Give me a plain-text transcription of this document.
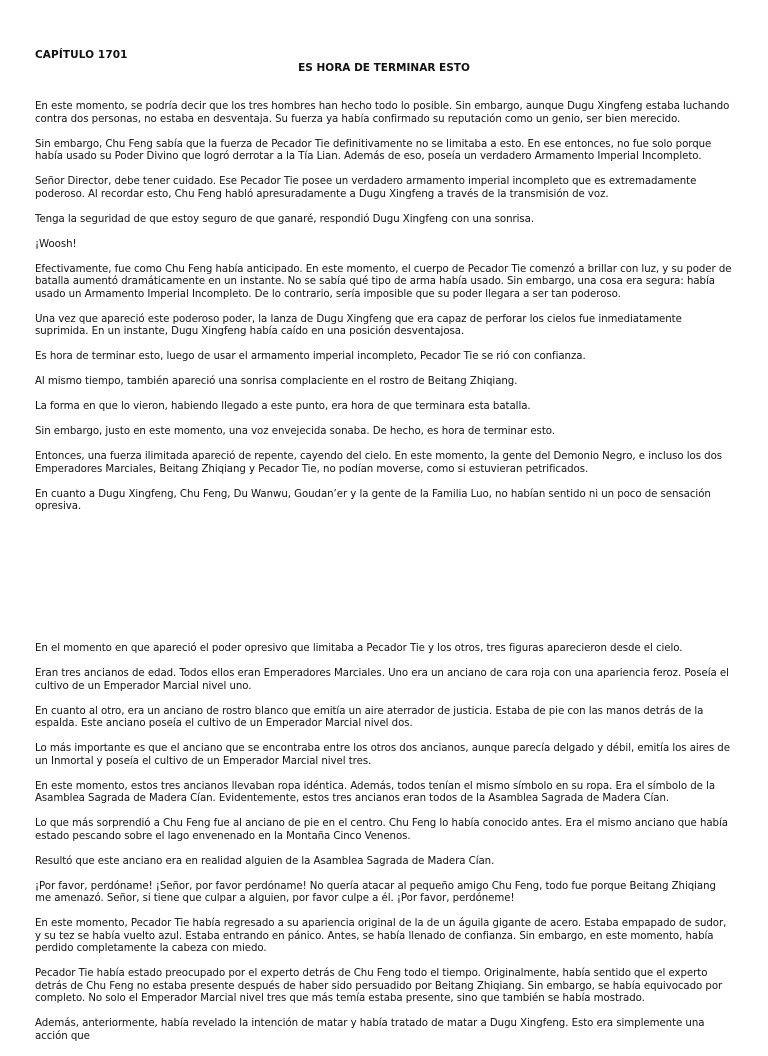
CAPÍTULO 1701
ES HORA DE TERMINAR ESTO

En este momento, se podría decir que los tres hombres han hecho todo lo posible. Sin embargo, aunque Dugu Xingfeng estaba luchando contra dos personas, no estaba en desventaja. Su fuerza ya había confirmado su reputación como un genio, ser bien merecido.

Sin embargo, Chu Feng sabía que la fuerza de Pecador Tie definitivamente no se limitaba a esto. En ese entonces, no fue solo porque había usado su Poder Divino que logró derrotar a la Tía Lian. Además de eso, poseía un verdadero Armamento Imperial Incompleto.

Señor Director, debe tener cuidado. Ese Pecador Tie posee un verdadero armamento imperial incompleto que es extremadamente poderoso. Al recordar esto, Chu Feng habló apresuradamente a Dugu Xingfeng a través de la transmisión de voz.

Tenga la seguridad de que estoy seguro de que ganaré, respondió Dugu Xingfeng con una sonrisa.

¡Woosh!

Efectivamente, fue como Chu Feng había anticipado. En este momento, el cuerpo de Pecador Tie comenzó a brillar con luz, y su poder de batalla aumentó dramáticamente en un instante. No se sabía qué tipo de arma había usado. Sin embargo, una cosa era segura: había usado un Armamento Imperial Incompleto. De lo contrario, sería imposible que su poder llegara a ser tan poderoso.

Una vez que apareció este poderoso poder, la lanza de Dugu Xingfeng que era capaz de perforar los cielos fue inmediatamente suprimida. En un instante, Dugu Xingfeng había caído en una posición desventajosa.

Es hora de terminar esto, luego de usar el armamento imperial incompleto, Pecador Tie se rió con confianza.

Al mismo tiempo, también apareció una sonrisa complaciente en el rostro de Beitang Zhiqiang.

La forma en que lo vieron, habiendo llegado a este punto, era hora de que terminara esta batalla.

Sin embargo, justo en este momento, una voz envejecida sonaba. De hecho, es hora de terminar esto.

Entonces, una fuerza ilimitada apareció de repente, cayendo del cielo. En este momento, la gente del Demonio Negro, e incluso los dos Emperadores Marciales, Beitang Zhiqiang y Pecador Tie, no podían moverse, como si estuvieran petrificados.

En cuanto a Dugu Xingfeng, Chu Feng, Du Wanwu, Goudan’er y la gente de la Familia Luo, no habían sentido ni un poco de sensación opresiva.

En el momento en que apareció el poder opresivo que limitaba a Pecador Tie y los otros, tres figuras aparecieron desde el cielo.

Eran tres ancianos de edad. Todos ellos eran Emperadores Marciales. Uno era un anciano de cara roja con una apariencia feroz. Poseía el cultivo de un Emperador Marcial nivel uno.

En cuanto al otro, era un anciano de rostro blanco que emitía un aire aterrador de justicia. Estaba de pie con las manos detrás de la espalda. Este anciano poseía el cultivo de un Emperador Marcial nivel dos.

Lo más importante es que el anciano que se encontraba entre los otros dos ancianos, aunque parecía delgado y débil, emitía los aires de un Inmortal y poseía el cultivo de un Emperador Marcial nivel tres.

En este momento, estos tres ancianos llevaban ropa idéntica. Además, todos tenían el mismo símbolo en su ropa. Era el símbolo de la Asamblea Sagrada de Madera Cían. Evidentemente, estos tres ancianos eran todos de la Asamblea Sagrada de Madera Cían.

Lo que más sorprendió a Chu Feng fue al anciano de pie en el centro. Chu Feng lo había conocido antes. Era el mismo anciano que había estado pescando sobre el lago envenenado en la Montaña Cinco Venenos.

Resultó que este anciano era en realidad alguien de la Asamblea Sagrada de Madera Cían.

¡Por favor, perdóname! ¡Señor, por favor perdóname! No quería atacar al pequeño amigo Chu Feng, todo fue porque Beitang Zhiqiang me amenazó. Señor, si tiene que culpar a alguien, por favor culpe a él. ¡Por favor, perdóneme!

En este momento, Pecador Tie había regresado a su apariencia original de la de un águila gigante de acero. Estaba empapado de sudor, y su tez se había vuelto azul. Estaba entrando en pánico. Antes, se había llenado de confianza. Sin embargo, en este momento, había perdido completamente la cabeza con miedo.

Pecador Tie había estado preocupado por el experto detrás de Chu Feng todo el tiempo. Originalmente, había sentido que el experto detrás de Chu Feng no estaba presente después de haber sido persuadido por Beitang Zhiqiang. Sin embargo, se había equivocado por completo. No solo el Emperador Marcial nivel tres que más temía estaba presente, sino que también se había mostrado.

Además, anteriormente, había revelado la intención de matar y había tratado de matar a Dugu Xingfeng. Esto era simplemente una acción que
